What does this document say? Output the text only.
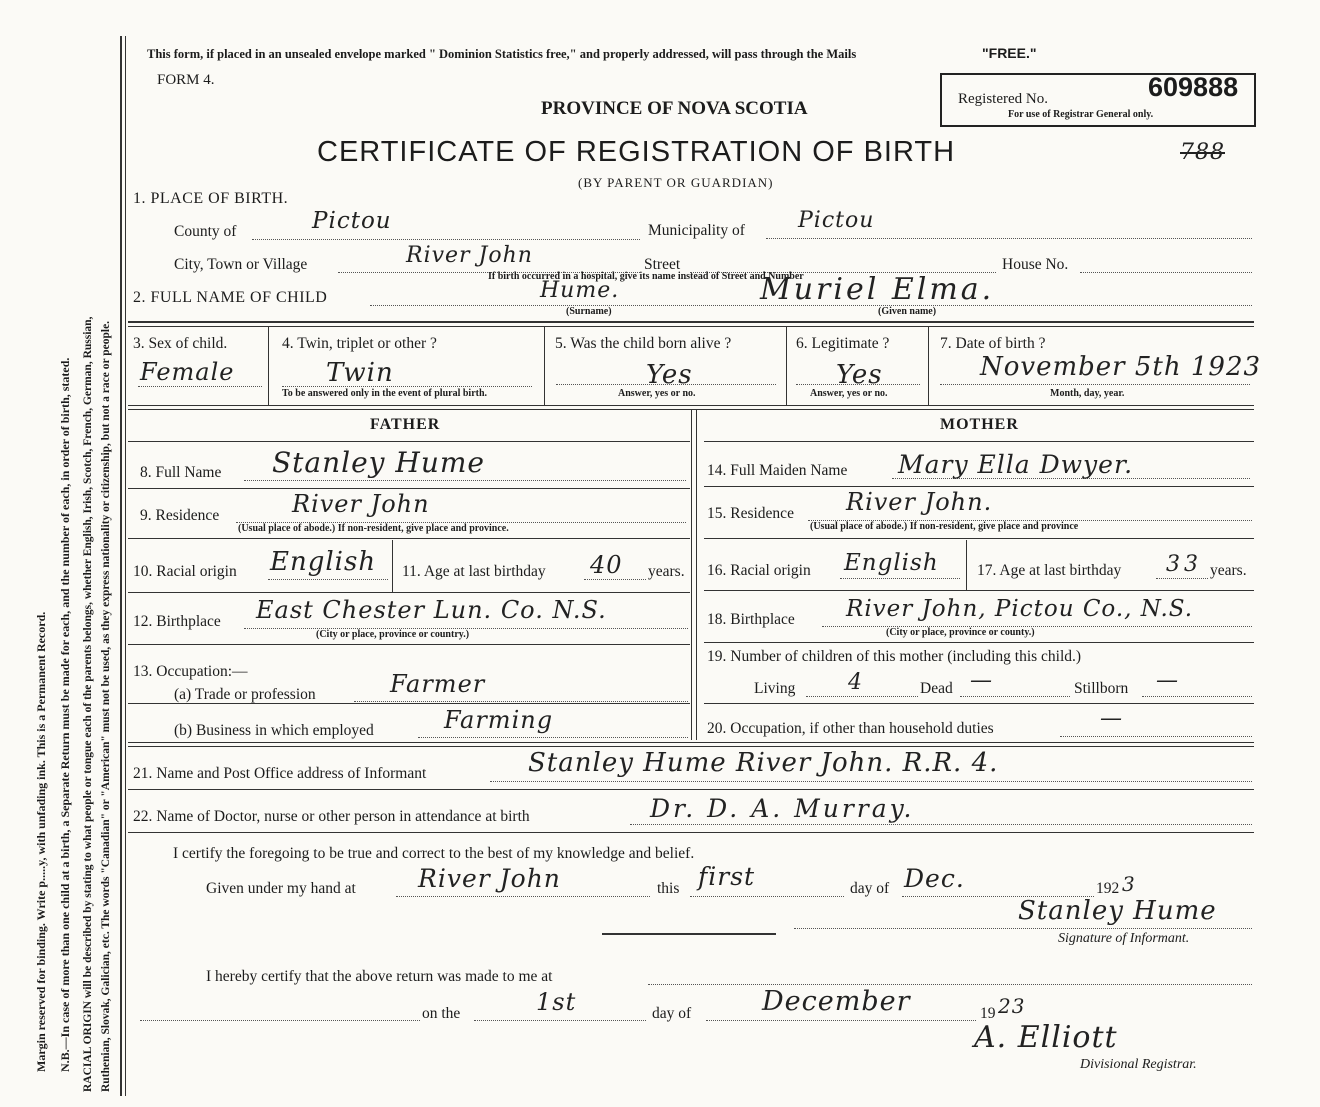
Margin reserved for binding. Write p.....y, with unfading ink. This is a Permanent Record. N.B.—In case of more than one child at a birth, a Separate Return must be made for each, and the number of each, in order of birth, stated. RACIAL ORIGIN will be described by stating to what people or tongue each of the parents belongs, whether English, Irish, Scotch, French, German, Russian, Ruthenian, Slovak, Galician, etc. The words "Canadian" or "American" must not be used, as they express nationality or citizenship, but not a race or people.
This form, if placed in an unsealed envelope marked " Dominion Statistics free," and properly addressed, will pass through the Mails	"FREE."
FORM 4.
PROVINCE OF NOVA SCOTIA	Registered No.
For use of Registrar General only.
609888
788
CERTIFICATE OF REGISTRATION OF BIRTH
(BY PARENT OR GUARDIAN)
1. PLACE OF BIRTH.
County of	Pictou	Municipality of Pictou
City, Town or Village	River John	Street
If birth occurred in a hospital, give its name instead of Street and Number
House No.
2. FULL NAME OF CHILD	Hume.	Muriel Elma.
(Surname)	(Given name)
3. Sex of child.
Female
4. Twin, triplet or other ?
Twin
To be answered only in the event of plural birth.
5. Was the child born alive ?
Yes
Answer, yes or no.
6. Legitimate ?
Yes
Answer, yes or no.
7. Date of birth ?
November 5th 1923
Month, day, year.
FATHER
8. Full Name Stanley Hume
9. Residence	River John
(Usual place of abode.) If non-resident, give place and province.
10. Racial origin English 11. Age at last birthday 40 years.
12. Birthplace East Chester Lun. Co. N.S.
(City or place, province or country.)
13. Occupation:—
(a) Trade or profession	Farmer
(b) Business in which employed	Farming
MOTHER
14. Full Maiden Name Mary Ella Dwyer.
15. Residence River John.
(Usual place of abode.) If non-resident, give place and province
16. Racial origin English 17. Age at last birthday 33 years.
18. Birthplace River John, Pictou Co., N.S.
(City or place, province or county.)
19. Number of children of this mother (including this child.)
Living 4	Dead —	Stillborn —
20. Occupation, if other than household duties	—
21. Name and Post Office address of Informant	Stanley Hume River John. R.R. 4.
22. Name of Doctor, nurse or other person in attendance at birth	Dr. D. A. Murray.
I certify the foregoing to be true and correct to the best of my knowledge and belief.
Given under my hand at River John	this first	day of Dec.	192 3
Stanley Hume
Signature of Informant.
I hereby certify that the above return was made to me at
on the	1st	day of	December	19 23
A. Elliott
Divisional Registrar.
